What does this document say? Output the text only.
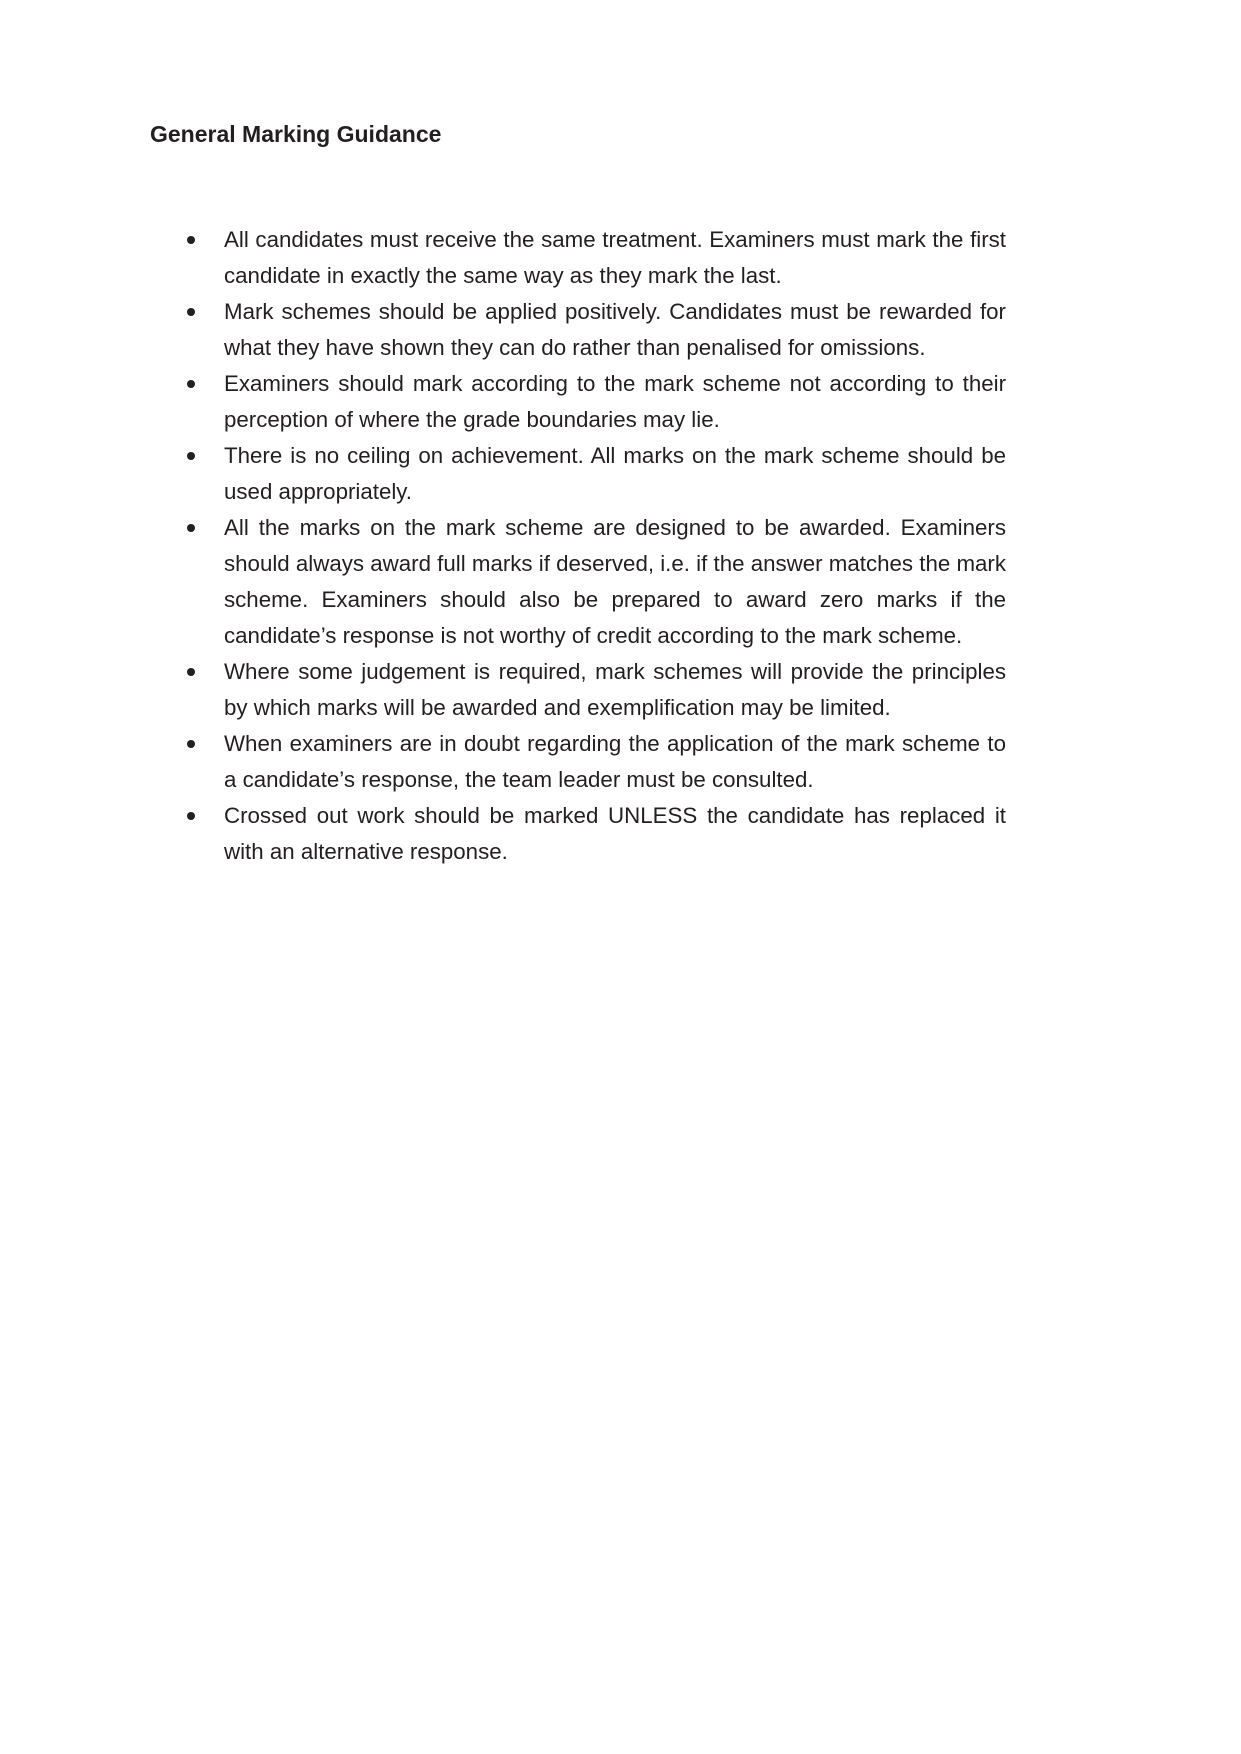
General Marking Guidance
All candidates must receive the same treatment. Examiners must mark the first candidate in exactly the same way as they mark the last.
Mark schemes should be applied positively. Candidates must be rewarded for what they have shown they can do rather than penalised for omissions.
Examiners should mark according to the mark scheme not according to their perception of where the grade boundaries may lie.
There is no ceiling on achievement. All marks on the mark scheme should be used appropriately.
All the marks on the mark scheme are designed to be awarded. Examiners should always award full marks if deserved, i.e. if the answer matches the mark scheme. Examiners should also be prepared to award zero marks if the candidate’s response is not worthy of credit according to the mark scheme.
Where some judgement is required, mark schemes will provide the principles by which marks will be awarded and exemplification may be limited.
When examiners are in doubt regarding the application of the mark scheme to a candidate’s response, the team leader must be consulted.
Crossed out work should be marked UNLESS the candidate has replaced it with an alternative response.
